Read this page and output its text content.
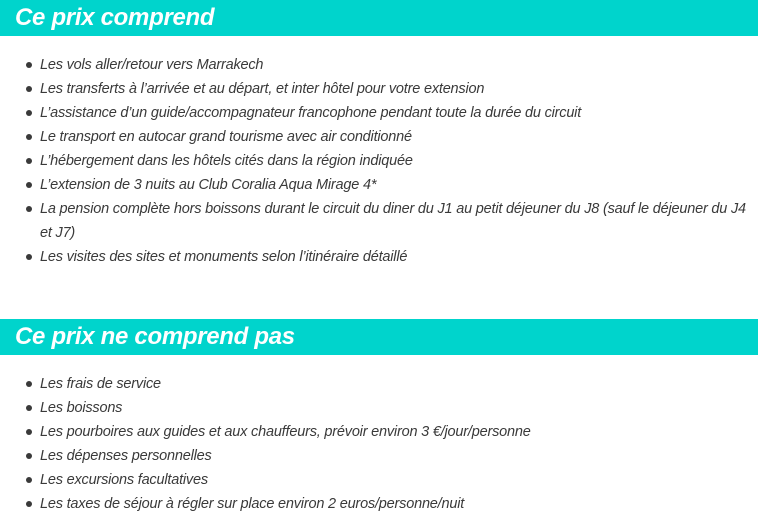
Ce prix comprend
Les vols aller/retour vers Marrakech
Les transferts à l’arrivée et au départ, et inter hôtel pour votre extension
L’assistance d’un guide/accompagnateur francophone pendant toute la durée du circuit
Le transport en autocar grand tourisme avec air conditionné
L’hébergement dans les hôtels cités dans la région indiquée
L’extension de 3 nuits au Club Coralia Aqua Mirage 4*
La pension complète hors boissons durant le circuit du diner du J1 au petit déjeuner du J8 (sauf le déjeuner du J4 et J7)
Les visites des sites et monuments selon l’itinéraire détaillé
Ce prix ne comprend pas
Les frais de service
Les boissons
Les pourboires aux guides et aux chauffeurs, prévoir environ 3 €/jour/personne
Les dépenses personnelles
Les excursions facultatives
Les taxes de séjour à régler sur place environ 2 euros/personne/nuit
